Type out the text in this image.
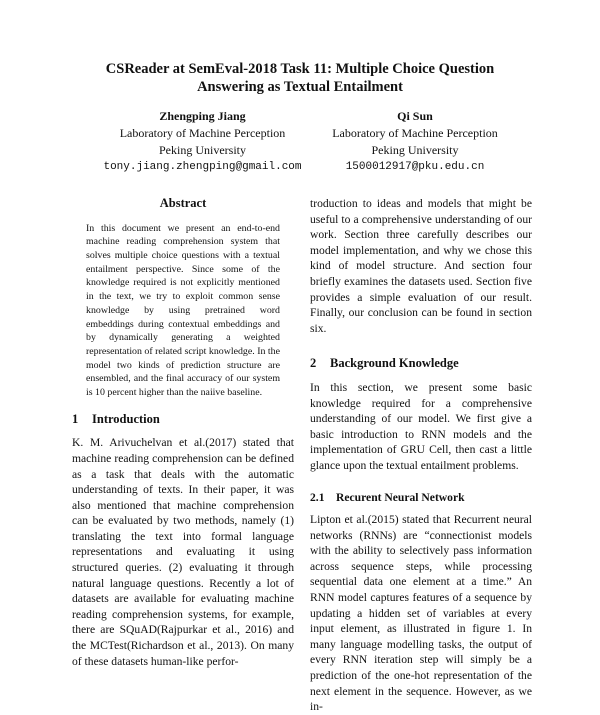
CSReader at SemEval-2018 Task 11: Multiple Choice Question
Answering as Textual Entailment
Zhengping Jiang
Laboratory of Machine Perception
Peking University
tony.jiang.zhengping@gmail.com
Qi Sun
Laboratory of Machine Perception
Peking University
1500012917@pku.edu.cn
Abstract
In this document we present an end-to-end machine reading comprehension system that solves multiple choice questions with a textual entailment perspective. Since some of the knowledge required is not explicitly mentioned in the text, we try to exploit common sense knowledge by using pretrained word embeddings during contextual embeddings and by dynamically generating a weighted representation of related script knowledge. In the model two kinds of prediction structure are ensembled, and the final accuracy of our system is 10 percent higher than the naiive baseline.
1 Introduction

K. M. Arivuchelvan et al.(2017) stated that machine reading comprehension can be defined as a task that deals with the automatic understanding of texts. In their paper, it was also mentioned that machine comprehension can be evaluated by two methods, namely (1) translating the text into formal language representations and evaluating it using structured queries. (2) evaluating it through natural language questions. Recently a lot of datasets are available for evaluating machine reading comprehension systems, for example, there are SQuAD(Rajpurkar et al., 2016) and the MCTest(Richardson et al., 2013). On many of these datasets human-like perfor-

troduction to ideas and models that might be useful to a comprehensive understanding of our work. Section three carefully describes our model implementation, and why we chose this kind of model structure. And section four briefly examines the datasets used. Section five provides a simple evaluation of our result. Finally, our conclusion can be found in section six.

2 Background Knowledge

In this section, we present some basic knowledge required for a comprehensive understanding of our model. We first give a basic introduction to RNN models and the implementation of GRU Cell, then cast a little glance upon the textual entailment problems.

2.1 Recurent Neural Network

Lipton et al.(2015) stated that Recurrent neural networks (RNNs) are “connectionist models with the ability to selectively pass information across sequence steps, while processing sequential data one element at a time.” An RNN model captures features of a sequence by updating a hidden set of variables at every input element, as illustrated in figure 1. In many language modelling tasks, the output of every RNN iteration step will simply be a prediction of the one-hot representation of the next element in the sequence. However, as we in-
